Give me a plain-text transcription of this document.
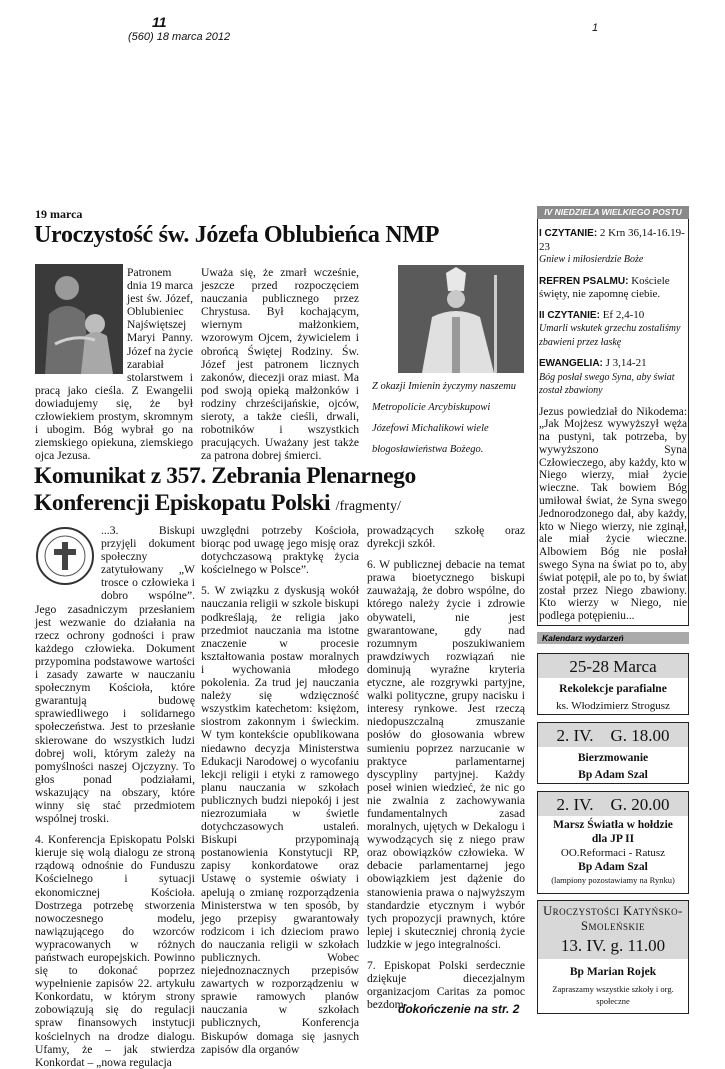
11
(560) 18 marca 2012
1
19 marca
Uroczystość św. Józefa Oblubieńca NMP

Patronem dnia 19 marca jest św. Józef, Oblubieniec Najświętszej Maryi Panny. Józef na życie zarabiał stolarstwem i pracą jako cieśla. Z Ewangelii dowiadujemy się, że był człowiekiem prostym, skromnym i ubogim. Bóg wybrał go na ziemskiego opiekuna, ziemskiego ojca Jezusa.

Uważa się, że zmarł wcześnie, jeszcze przed rozpoczęciem nauczania publicznego przez Chrystusa. Był kochającym, wiernym małżonkiem, wzorowym Ojcem, żywicielem i obrońcą Świętej Rodziny. Św. Józef jest patronem licznych zakonów, diecezji oraz miast. Ma pod swoją opieką małżonków i rodziny chrześcijańskie, ojców, sieroty, a także cieśli, drwali, robotników i wszystkich pracujących. Uważany jest także za patrona dobrej śmierci.

Z okazji Imienin życzymy naszemu Metropolicie Arcybiskupowi Józefowi Michalikowi wiele błogosławieństwa Bożego.
Komunikat z 357. Zebrania Plenarnego Konferencji Episkopatu Polski /fragmenty/

...3. Biskupi przyjęli dokument społeczny zatytułowany „W trosce o człowieka i dobro wspólne”. Jego zasadniczym przesłaniem jest wezwanie do działania na rzecz ochrony godności i praw każdego człowieka. Dokument przypomina podstawowe wartości i zasady zawarte w nauczaniu społecznym Kościoła, które gwarantują budowę sprawiedliwego i solidarnego społeczeństwa. Jest to przesłanie skierowane do wszystkich ludzi dobrej woli, którym zależy na pomyślności naszej Ojczyzny. To głos ponad podziałami, wskazujący na obszary, które winny się stać przedmiotem wspólnej troski.

4. Konferencja Episkopatu Polski kieruje się wolą dialogu ze stroną rządową odnośnie do Funduszu Kościelnego i sytuacji ekonomicznej Kościoła. Dostrzega potrzebę stworzenia nowoczesnego modelu, nawiązującego do wzorców wypracowanych w różnych państwach europejskich. Powinno się to dokonać poprzez wypełnienie zapisów 22. artykułu Konkordatu, w którym strony zobowiązują się do regulacji spraw finansowych instytucji kościelnych na drodze dialogu. Ufamy, że – jak stwierdza Konkordat – „nowa regulacja

uwzględni potrzeby Kościoła, biorąc pod uwagę jego misję oraz dotychczasową praktykę życia kościelnego w Polsce”.

5. W związku z dyskusją wokół nauczania religii w szkole biskupi podkreślają, że religia jako przedmiot nauczania ma istotne znaczenie w procesie kształtowania postaw moralnych i wychowania młodego pokolenia. Za trud jej nauczania należy się wdzięczność wszystkim katechetom: księżom, siostrom zakonnym i świeckim. W tym kontekście opublikowana niedawno decyzja Ministerstwa Edukacji Narodowej o wycofaniu lekcji religii i etyki z ramowego planu nauczania w szkołach publicznych budzi niepokój i jest niezrozumiała w świetle dotychczasowych ustaleń. Biskupi przypominają postanowienia Konstytucji RP, zapisy konkordatowe oraz Ustawę o systemie oświaty i apelują o zmianę rozporządzenia Ministerstwa w ten sposób, by jego przepisy gwarantowały rodzicom i ich dzieciom prawo do nauczania religii w szkołach publicznych. Wobec niejednoznacznych przepisów zawartych w rozporządzeniu w sprawie ramowych planów nauczania w szkołach publicznych, Konferencja Biskupów domaga się jasnych zapisów dla organów

prowadzących szkołę oraz dyrekcji szkół.

6. W publicznej debacie na temat prawa bioetycznego biskupi zauważają, że dobro wspólne, do którego należy życie i zdrowie obywateli, nie jest gwarantowane, gdy nad rozumnym poszukiwaniem prawdziwych rozwiązań nie dominują wyraźne kryteria etyczne, ale rozgrywki partyjne, walki polityczne, grupy nacisku i interesy rynkowe. Jest rzeczą niedopuszczalną zmuszanie posłów do głosowania wbrew sumieniu poprzez narzucanie w praktyce parlamentarnej dyscypliny partyjnej. Każdy poseł winien wiedzieć, że nic go nie zwalnia z zachowywania fundamentalnych zasad moralnych, ujętych w Dekalogu i wywodzących się z niego praw oraz obowiązków człowieka. W debacie parlamentarnej jego obowiązkiem jest dążenie do stanowienia prawa o najwyższym standardzie etycznym i wybór tych propozycji prawnych, które lepiej i skuteczniej chronią życie ludzkie w jego integralności.

7. Episkopat Polski serdecznie dziękuje diecezjalnym organizacjom Caritas za pomoc bezdom-

dokończenie na str. 2
IV NIEDZIELA WIELKIEGO POSTU

I CZYTANIE: 2 Krn 36,14-16.19-23
Gniew i miłosierdzie Boże

REFREN PSALMU: Kościele święty, nie zapomnę ciebie.

II CZYTANIE: Ef 2,4-10
Umarli wskutek grzechu zostaliśmy zbawieni przez łaskę

EWANGELIA: J 3,14-21
Bóg posłał swego Syna, aby świat został zbawiony

Jezus powiedział do Nikodema: „Jak Mojżesz wywyższył węża na pustyni, tak potrzeba, by wywyższono Syna Człowieczego, aby każdy, kto w Niego wierzy, miał życie wieczne. Tak bowiem Bóg umiłował świat, że Syna swego Jednorodzonego dał, aby każdy, kto w Niego wierzy, nie zginął, ale miał życie wieczne. Albowiem Bóg nie posłał swego Syna na świat po to, aby świat potępił, ale po to, by świat został przez Niego zbawiony. Kto wierzy w Niego, nie podlega potępieniu...

Kalendarz wydarzeń
25-28 Marca
Rekolekcje parafialne
ks. Włodzimierz Strogusz
2. IV.    G. 18.00
Bierzmowanie
Bp Adam Szal
2. IV.    G. 20.00
Marsz Światła w hołdzie dla JP II
OO.Reformaci - Ratusz
Bp Adam Szal
(lampiony pozostawiamy na Rynku)
Uroczystości Katyńsko-Smoleńskie
13. IV. g. 11.00
Bp Marian Rojek
Zapraszamy wszystkie szkoły i org. społeczne
